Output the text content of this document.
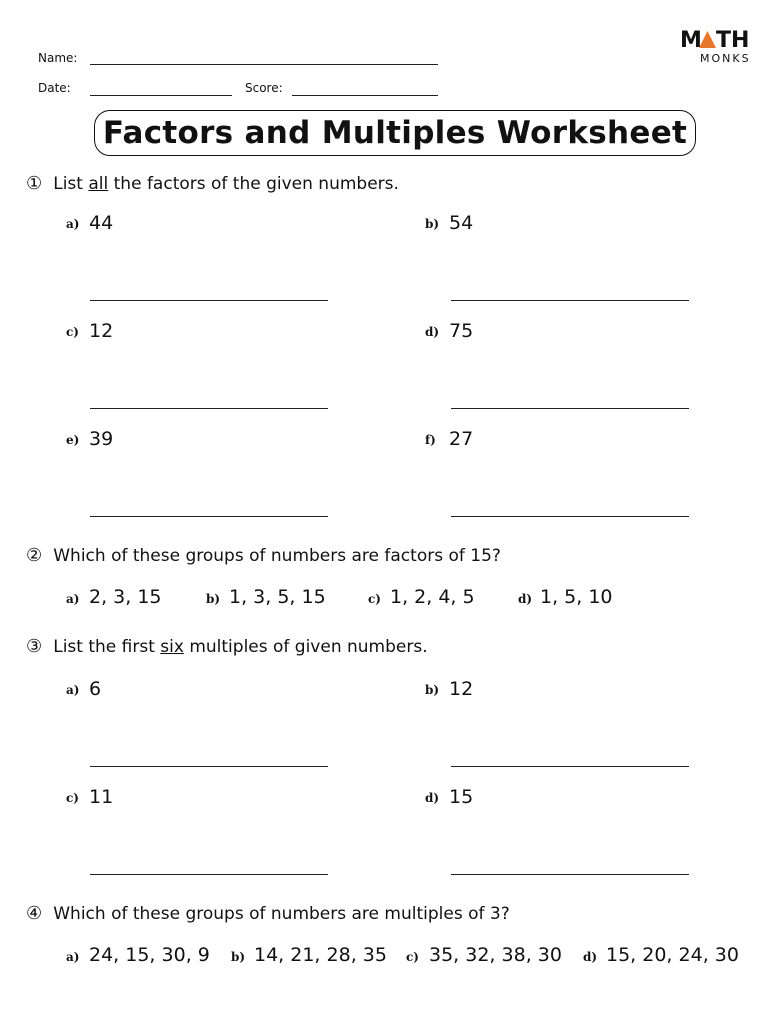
Name:
Date:	Score:
M TH
MONKS
Factors and Multiples Worksheet
① List all the factors of the given numbers.
a) 44	b) 54
c) 12	d) 75
e) 39	f) 27
② Which of these groups of numbers are factors of 15?
a) 2, 3, 15	b) 1, 3, 5, 15	c) 1, 2, 4, 5	d) 1, 5, 10
③ List the first six multiples of given numbers.
a) 6	b) 12
c) 11	d) 15
④ Which of these groups of numbers are multiples of 3?
a) 24, 15, 30, 9 b) 14, 21, 28, 35 c) 35, 32, 38, 30 d) 15, 20, 24, 30
